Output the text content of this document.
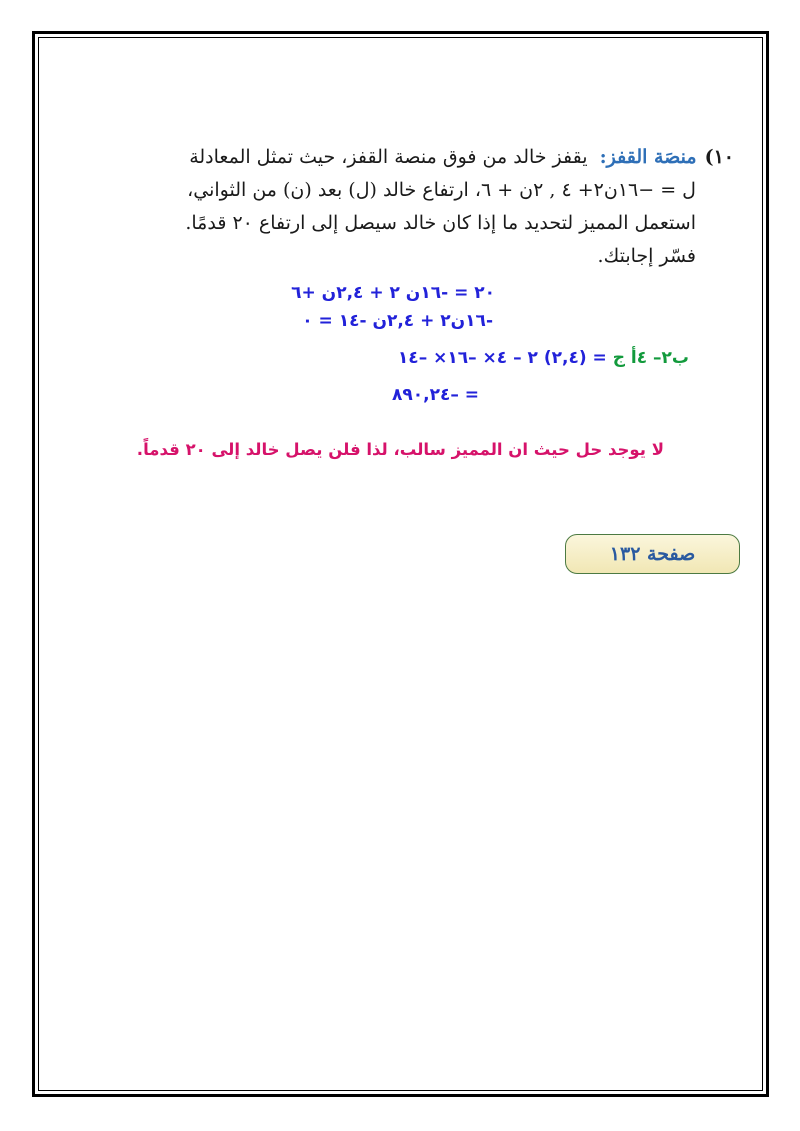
١٠)منصَة القفز: يقفز خالد من فوق منصة القفز، حيث تمثل المعادلة
ل = −١٦ن٢+ ٤ , ٢ن + ٦، ارتفاع خالد (ل) بعد (ن) من الثواني،
استعمل المميز لتحديد ما إذا كان خالد سيصل إلى ارتفاع ٢٠ قدمًا.
فسّر إجابتك.
٢٠ = -١٦ن ٢ + ٢,٤ن +٦
-١٦ن٢ + ٢,٤ن -١٤ = ٠
ب٢– ٤أ ج = (٢,٤) ٢ – ٤× –١٦× –١٤
= –٨٩٠,٢٤
لا يوجد حل حيث ان المميز سالب، لذا فلن يصل خالد إلى ٢٠ قدماً.
صفحة ١٣٢
